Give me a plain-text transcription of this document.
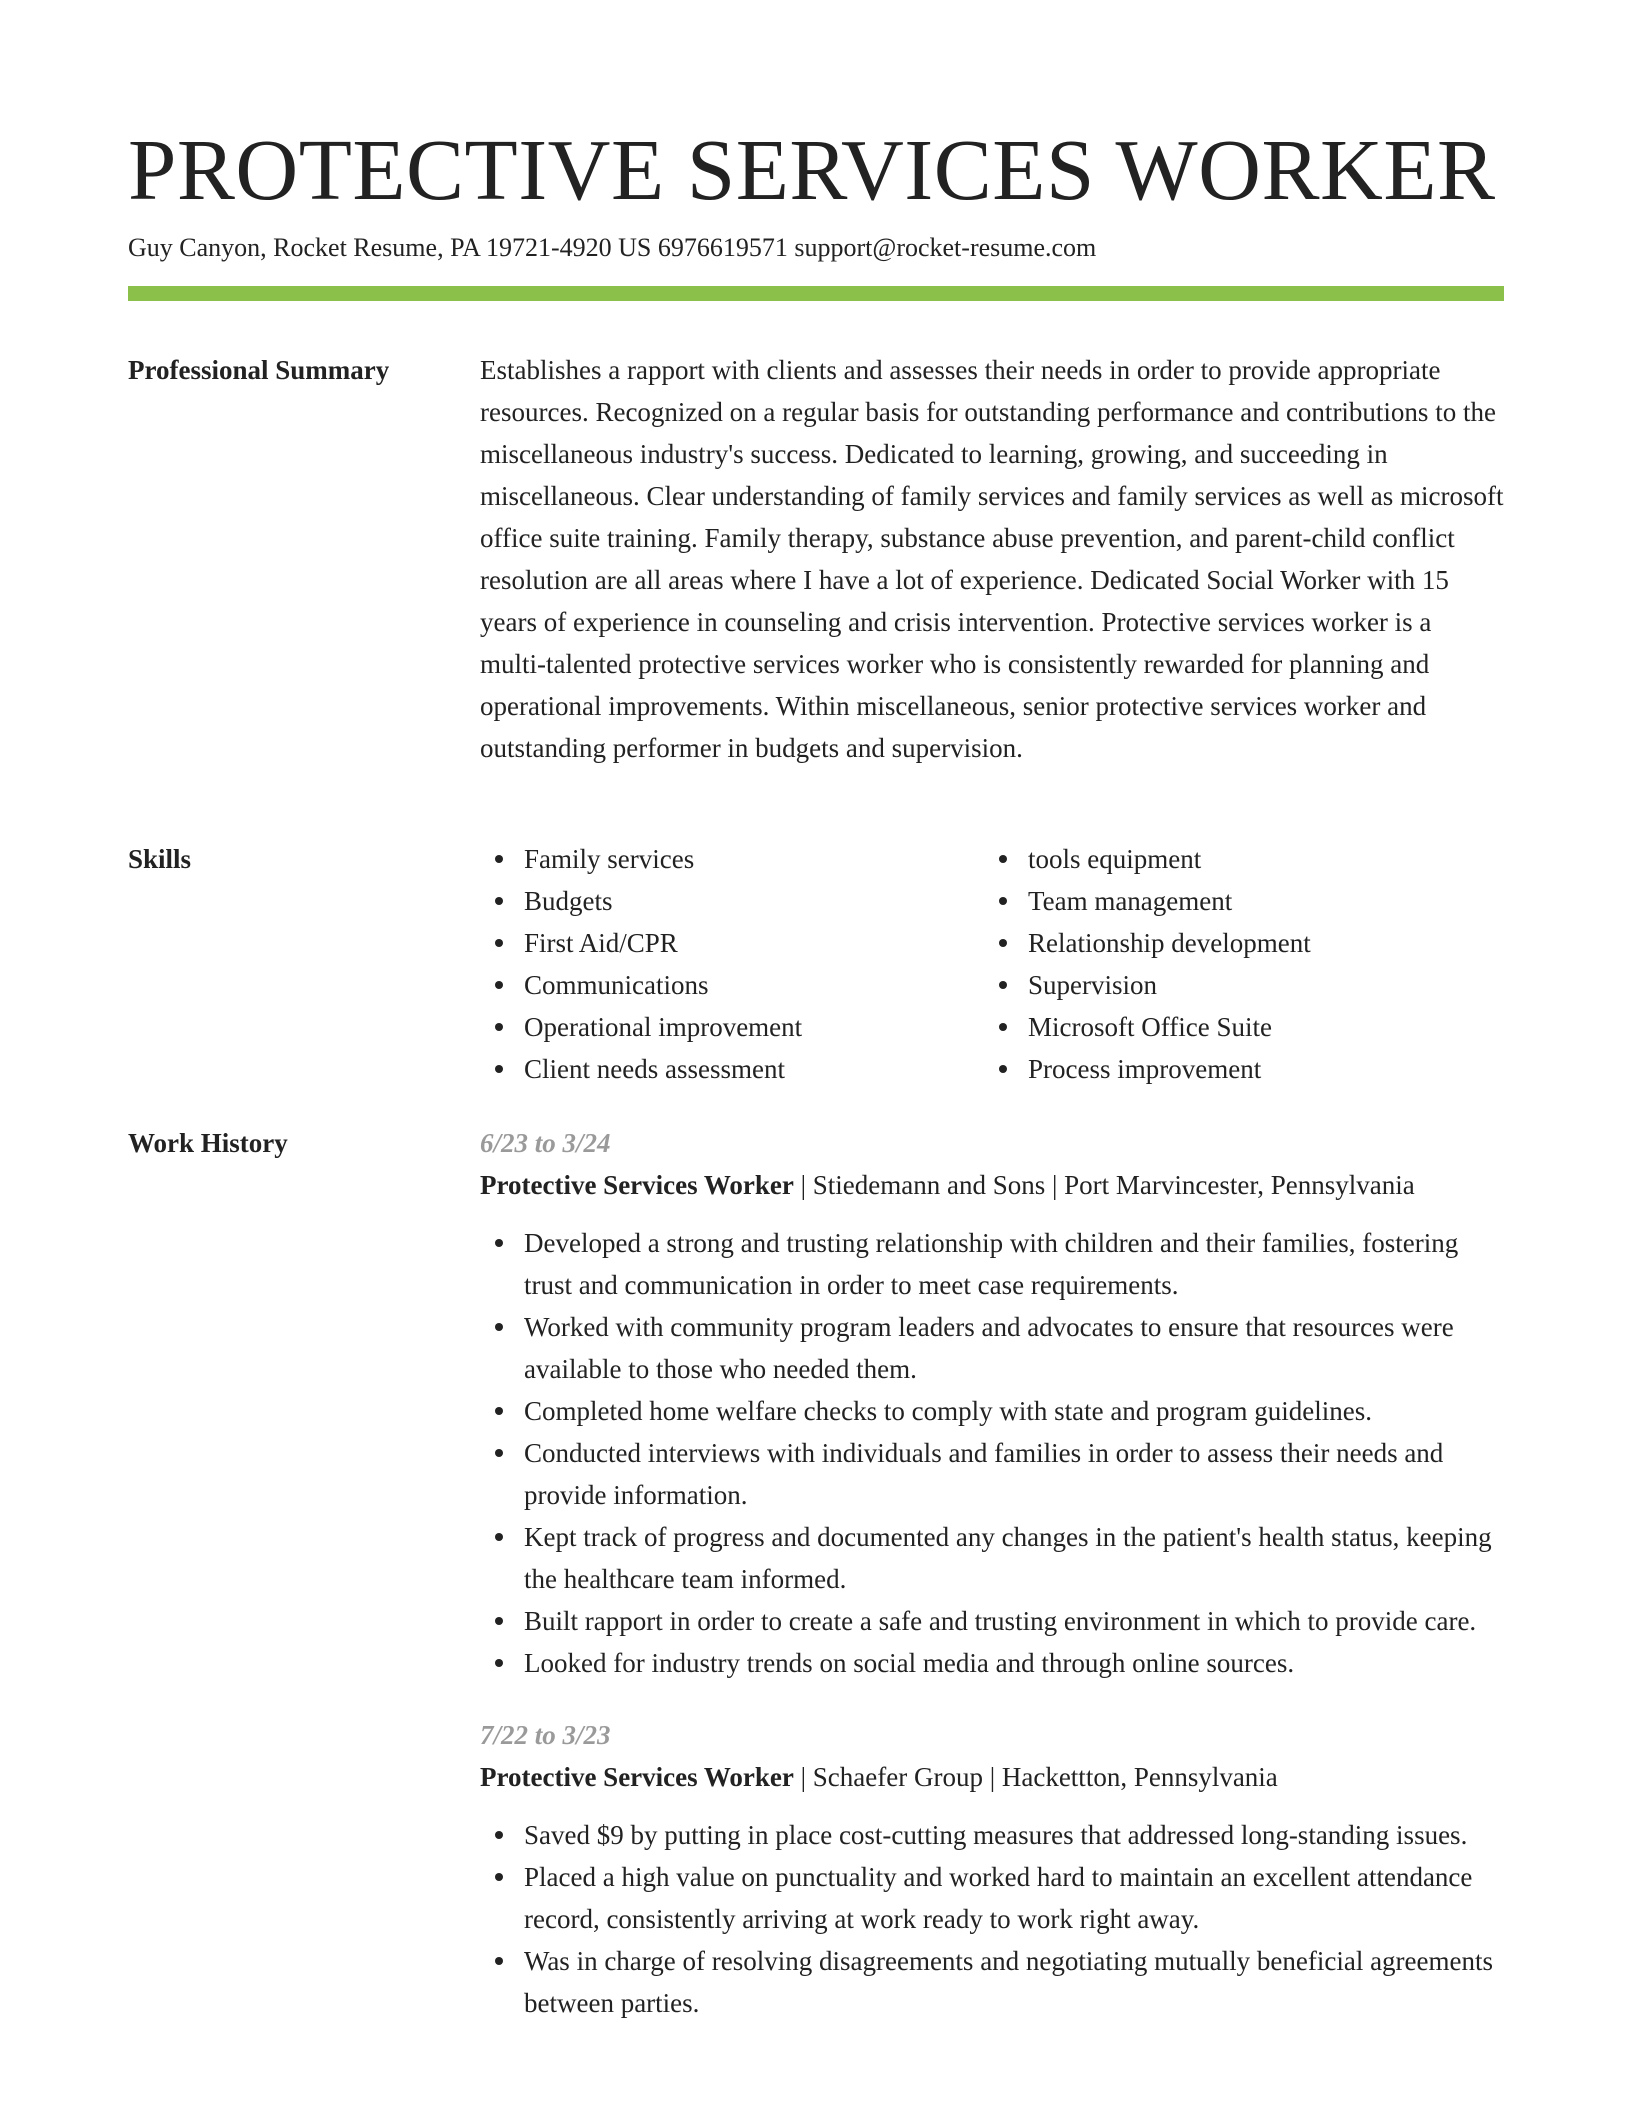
PROTECTIVE SERVICES WORKER

Guy Canyon, Rocket Resume, PA 19721-4920 US 6976619571 support@rocket-resume.com

Professional Summary	Establishes a rapport with clients and assesses their needs in order to provide appropriate resources. Recognized on a regular basis for outstanding performance and contributions to the miscellaneous industry's success. Dedicated to learning, growing, and succeeding in miscellaneous. Clear understanding of family services and family services as well as microsoft office suite training. Family therapy, substance abuse prevention, and parent-child conflict resolution are all areas where I have a lot of experience. Dedicated Social Worker with 15 years of experience in counseling and crisis intervention. Protective services worker is a multi-talented protective services worker who is consistently rewarded for planning and operational improvements. Within miscellaneous, senior protective services worker and outstanding performer in budgets and supervision.

Skills	Family services
Budgets
First Aid/CPR
Communications
Operational improvement
Client needs assessment
tools equipment
Team management
Relationship development
Supervision
Microsoft Office Suite
Process improvement
Work History	6/23 to 3/24

Protective Services Worker | Stiedemann and Sons | Port Marvincester, Pennsylvania

Developed a strong and trusting relationship with children and their families, fostering trust and communication in order to meet case requirements.
Worked with community program leaders and advocates to ensure that resources were available to those who needed them.
Completed home welfare checks to comply with state and program guidelines.
Conducted interviews with individuals and families in order to assess their needs and provide information.
Kept track of progress and documented any changes in the patient's health status, keeping the healthcare team informed.
Built rapport in order to create a safe and trusting environment in which to provide care.
Looked for industry trends on social media and through online sources.

7/22 to 3/23

Protective Services Worker | Schaefer Group | Hackettton, Pennsylvania

Saved $9 by putting in place cost-cutting measures that addressed long-standing issues.
Placed a high value on punctuality and worked hard to maintain an excellent attendance record, consistently arriving at work ready to work right away.
Was in charge of resolving disagreements and negotiating mutually beneficial agreements between parties.
